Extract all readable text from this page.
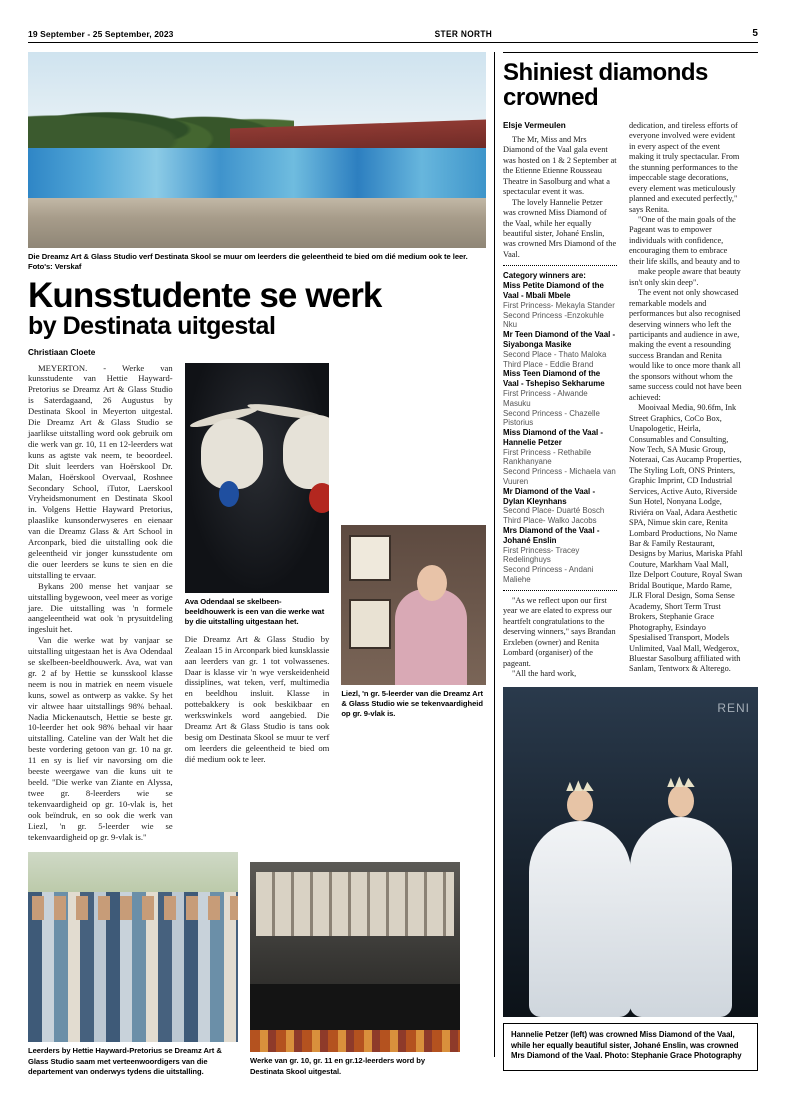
19 September - 25 September, 2023	STER NORTH	5
Die Dreamz Art & Glass Studio verf Destinata Skool se muur om leerders die geleentheid te bied om dié medium ook te leer. Foto's: Verskaf
Kunsstudente se werk
by Destinata uitgestal
Christiaan Cloete

MEYERTON. - Werke van kunsstudente van Hettie Hayward-Pretorius se Dreamz Art & Glass Studio is Saterdagaand, 26 Augustus by Destinata Skool in Meyerton uitgestal. Die Dreamz Art & Glass Studio se jaarlikse uitstalling word ook gebruik om die werk van gr. 10, 11 en 12-leerders wat kuns as agtste vak neem, te beoordeel. Dit sluit leerders van Hoërskool Dr. Malan, Hoërskool Overvaal, Roshnee Secondary School, iTutor, Laerskool Vryheidsmonument en Destinata Skool in. Volgens Hettie Hayward Pretorius, plaaslike kunsonderwyseres en eienaar van die Dreamz Glass & Art School in Arconpark, bied die uitstalling ook die geleentheid vir jonger kunsstudente om die ouer leerders se kuns te sien en die uitstalling te ervaar.

Bykans 200 mense het vanjaar se uitstalling bygewoon, veel meer as vorige jare. Die uitstalling was 'n formele aangeleentheid wat ook 'n prysuitdeling ingesluit het.

Van die werke wat by vanjaar se uitstalling uitgestaan het is Ava Odendaal se skelbeen-beeldhouwerk. Ava, wat van gr. 2 af by Hettie se kunsskool klasse neem is nou in matriek en neem visuele kuns, sowel as ontwerp as vakke. Sy het vir altwee haar uitstallings 98% behaal. Nadia Mickenautsch, Hettie se beste gr. 10-leerder het ook 98% behaal vir haar uitstalling. Cateline van der Walt het die beste vordering getoon van gr. 10 na gr. 11 en sy is lief vir navorsing om die beeste weergawe van die kuns uit te beeld. "Die werke van Ziante en Alyssa, twee gr. 8-leerders wie se tekenvaardigheid op gr. 10-vlak is, het ook beïndruk, en so ook die werk van Liezl, 'n gr. 5-leerder wie se tekenvaardigheid op gr. 9-vlak is."

Ava Odendaal se skelbeen-beeldhouwerk is een van die werke wat by die uitstalling uitgestaan het.

Die Dreamz Art & Glass Studio by Zealaan 15 in Arconpark bied kunsklassie aan leerders van gr. 1 tot volwassenes. Daar is klasse vir 'n wye verskeidenheid dissiplines, wat teken, verf, multimedia en beeldhou insluit. Klasse in pottebakkery is ook beskikbaar en werkswinkels word aangebied. Die Dreamz Art & Glass Studio is tans ook besig om Destinata Skool se muur te verf om leerders die geleentheid te bied om dié medium ook te leer.

Liezl, 'n gr. 5-leerder van die Dreamz Art & Glass Studio wie se tekenvaardigheid op gr. 9-vlak is.
Leerders by Hettie Hayward-Pretorius se Dreamz Art & Glass Studio saam met verteenwoordigers van die departement van onderwys tydens die uitstalling.
Werke van gr. 10, gr. 11 en gr.12-leerders word by Destinata Skool uitgestal.
Shiniest diamonds
crowned
Elsje Vermeulen

The Mr, Miss and Mrs Diamond of the Vaal gala event was hosted on 1 & 2 September at the Etienne Etienne Rousseau Theatre in Sasolburg and what a spectacular event it was.

The lovely Hannelie Petzer was crowned Miss Diamond of the Vaal, while her equally beautiful sister, Johané Enslin, was crowned Mrs Diamond of the Vaal.

Category winners are:
Miss Petite Diamond of the Vaal - Mbali Mbele
First Princess- Mekayla Stander
Second Princess -Enzokuhle Nku
Mr Teen Diamond of the Vaal - Siyabonga Masike
Second Place - Thato Maloka
Third Place - Eddie Brand
Miss Teen Diamond of the Vaal - Tshepiso Sekharume
First Princess - Alwande Masuku
Second Princess - Chazelle Pistorius
Miss Diamond of the Vaal - Hannelie Petzer
First Princess - Rethabile Rankhanyane
Second Princess - Michaela van Vuuren
Mr Diamond of the Vaal - Dylan Kleynhans
Second Place- Duarté Bosch
Third Place- Walko Jacobs
Mrs Diamond of the Vaal - Johané Enslin
First Princess- Tracey Redelinghuys
Second Princess - Andani Maliehe

"As we reflect upon our first year we are elated to express our heartfelt congratulations to the deserving winners," says Brandan Erxleben (owner) and Renita Lombard (organiser) of the pageant.

"All the hard work,

dedication, and tireless efforts of everyone involved were evident in every aspect of the event making it truly spectacular. From the stunning performances to the impeccable stage decorations, every element was meticulously planned and executed perfectly," says Renita.

"One of the main goals of the Pageant was to empower individuals with confidence, encouraging them to embrace their life skills, and beauty and to

make people aware that beauty isn't only skin deep".

The event not only showcased remarkable models and performances but also recognised deserving winners who left the participants and audience in awe, making the event a resounding success Brandan and Renita would like to once more thank all the sponsors without whom the same success could not have been achieved:

Mooivaal Media, 90.6fm, Ink Street Graphics, CoCo Box, Unapologetic, Heirla, Consumables and Consulting, Now Tech, SA Music Group, Noteraai, Cas Aucamp Properties, The Styling Loft, ONS Printers, Graphic Imprint, CD Industrial Services, Active Auto, Riverside Sun Hotel, Nonyana Lodge, Riviéra on Vaal, Adara Aesthetic SPA, Nimue skin care, Renita Lombard Productions, No Name Bar & Family Restaurant, Designs by Marius, Mariska Pfahl Couture, Markham Vaal Mall, Ilze Delport Couture, Royal Swan Bridal Boutique, Mardo Rame, JLR Floral Design, Soma Sense Academy, Short Term Trust Brokers, Stephanie Grace Photography, Esindayo Spesialised Transport, Models Unlimited, Vaal Mall, Wedgerox, Bluestar Sasolburg affiliated with Sanlam, Tentworx & Alterego.

RENI
Hannelie Petzer (left) was crowned Miss Diamond of the Vaal, while her equally beautiful sister, Johané Enslin, was crowned Mrs Diamond of the Vaal. Photo: Stephanie Grace Photography
